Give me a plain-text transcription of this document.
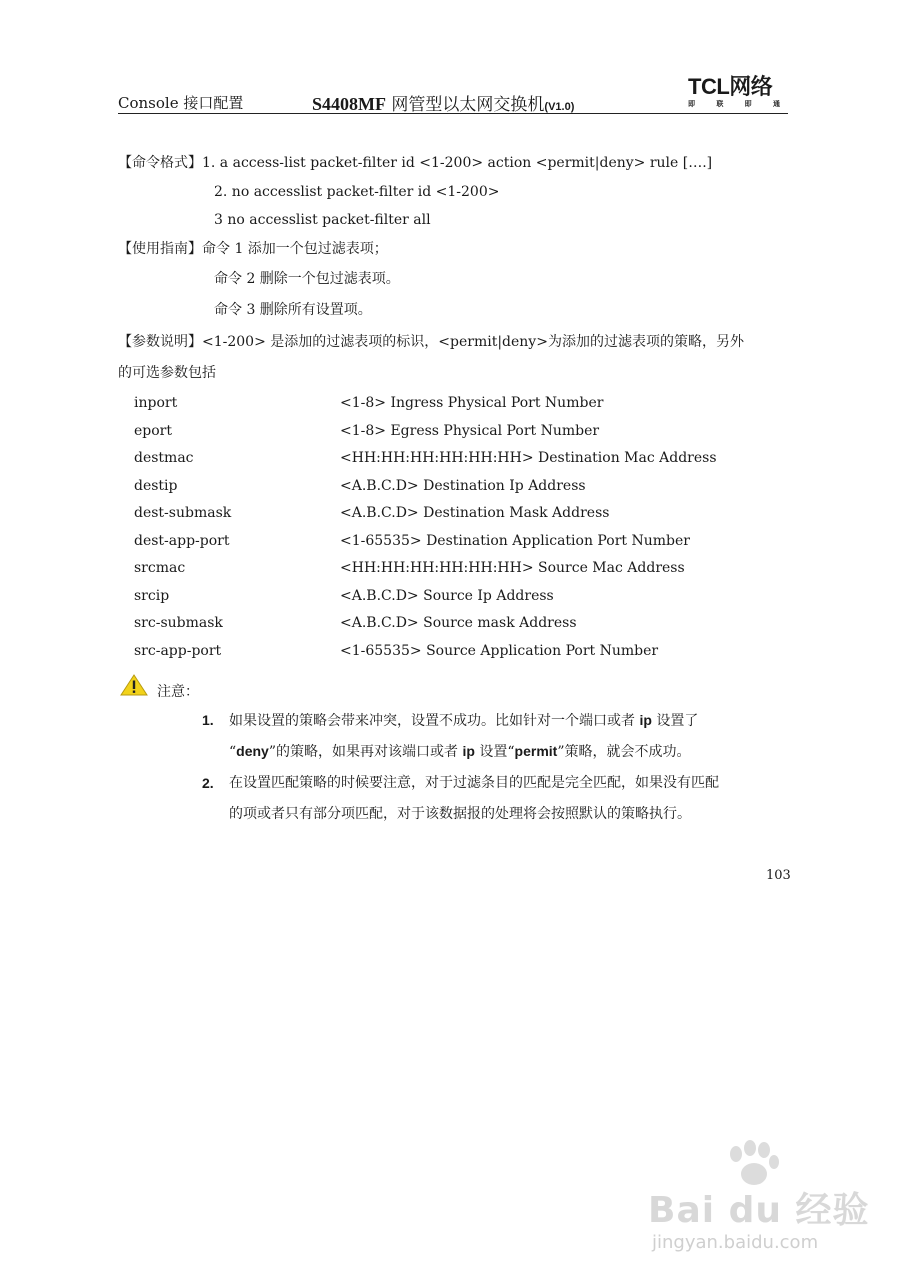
Console 接口配置	S4408MF 网管型以太网交换机(V1.0)
TCL网络
即	联	即	通
【命令格式】1. a access-list packet-filter id <1-200> action <permit|deny> rule [….]
2. no accesslist packet-filter id <1-200>
3 no accesslist packet-filter all
【使用指南】命令 1 添加一个包过滤表项；
命令 2 删除一个包过滤表项。
命令 3 删除所有设置项。
【参数说明】<1-200> 是添加的过滤表项的标识，<permit|deny>为添加的过滤表项的策略，另外
的可选参数包括
inport	<1-8> Ingress Physical Port Number
eport	<1-8> Egress Physical Port Number
destmac	<HH:HH:HH:HH:HH:HH> Destination Mac Address
destip	<A.B.C.D> Destination Ip Address
dest-submask	<A.B.C.D> Destination Mask Address
dest-app-port	<1-65535> Destination Application Port Number
srcmac	<HH:HH:HH:HH:HH:HH> Source Mac Address
srcip	<A.B.C.D> Source Ip Address
src-submask	<A.B.C.D> Source mask Address
src-app-port	<1-65535> Source Application Port Number
注意：
1. 如果设置的策略会带来冲突，设置不成功。比如针对一个端口或者 ip 设置了
“deny”的策略，如果再对该端口或者 ip 设置“permit”策略，就会不成功。
2. 在设置匹配策略的时候要注意，对于过滤条目的匹配是完全匹配，如果没有匹配
的项或者只有部分项匹配，对于该数据报的处理将会按照默认的策略执行。
103
Bai du 经验
jingyan.baidu.com
